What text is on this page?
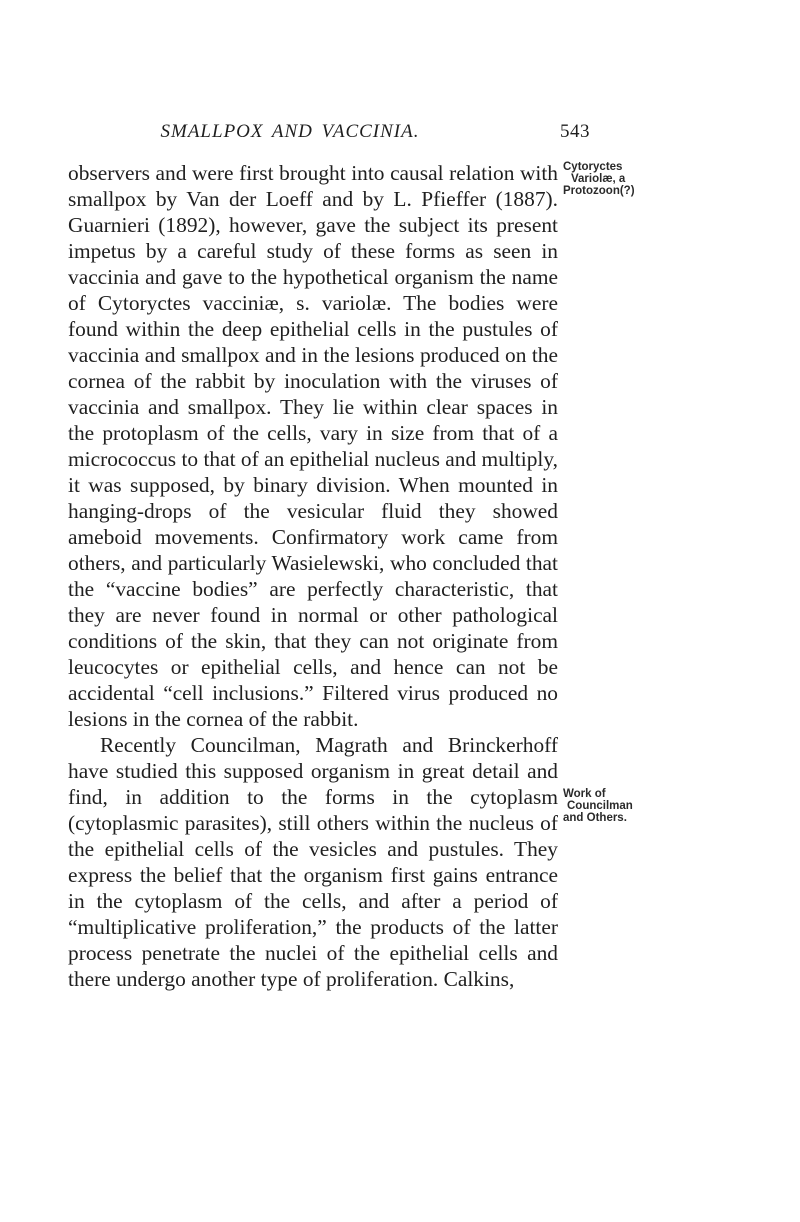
SMALLPOX AND VACCINIA.	543

observers and were first brought into causal relation with smallpox by Van der Loeff and by L. Pfieffer (1887). Guarnieri (1892), however, gave the subject its present impetus by a careful study of these forms as seen in vaccinia and gave to the hypothetical organism the name of Cytoryctes vacciniæ, s. variolæ. The bodies were found within the deep epithelial cells in the pustules of vaccinia and smallpox and in the lesions produced on the cornea of the rabbit by inoculation with the viruses of vaccinia and smallpox. They lie within clear spaces in the protoplasm of the cells, vary in size from that of a micrococcus to that of an epithelial nucleus and multiply, it was supposed, by binary division. When mounted in hanging-drops of the vesicular fluid they showed ameboid movements. Confirmatory work came from others, and particularly Wasielewski, who concluded that the “vaccine bodies” are perfectly characteristic, that they are never found in normal or other pathological conditions of the skin, that they can not originate from leucocytes or epithelial cells, and hence can not be accidental “cell inclusions.” Filtered virus produced no lesions in the cornea of the rabbit.

Recently Councilman, Magrath and Brinckerhoff have studied this supposed organism in great detail and find, in addition to the forms in the cytoplasm (cytoplasmic parasites), still others within the nucleus of the epithelial cells of the vesicles and pustules. They express the belief that the organism first gains entrance in the cytoplasm of the cells, and after a period of “multiplicative proliferation,” the products of the latter process penetrate the nuclei of the epithelial cells and there undergo another type of proliferation. Calkins,

Cytoryctes
Variolæ, a
Protozoon(?)
Work of
Councilman
and Others.
